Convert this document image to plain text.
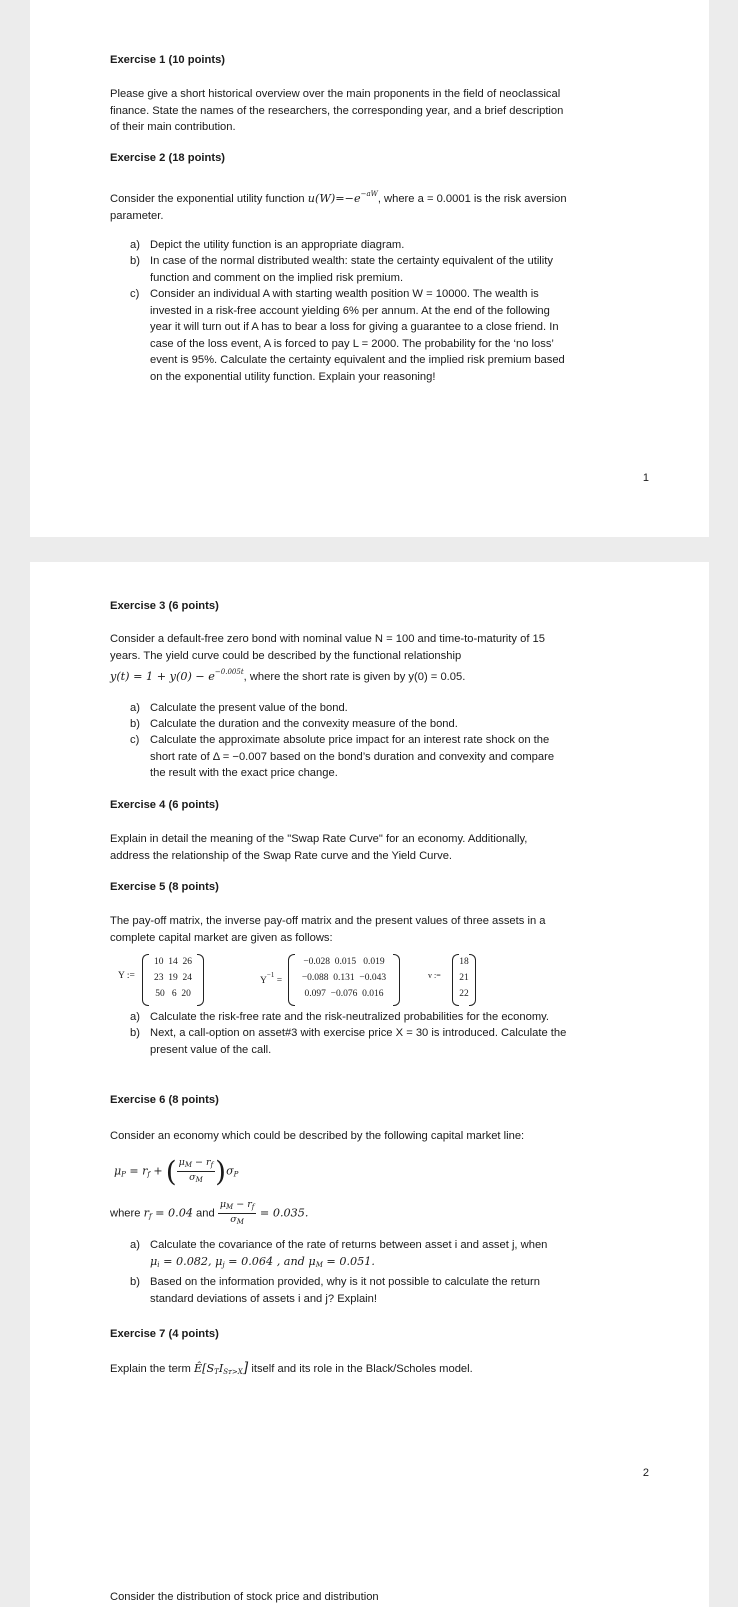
Exercise 1 (10 points)
Please give a short historical overview over the main proponents in the field of neoclassical
finance. State the names of the researchers, the corresponding year, and a brief description
of their main contribution.
Exercise 2 (18 points)
Consider the exponential utility function $u(W)=-e^{-aW}$, where a = 0.0001 is the risk aversion
parameter.
a) Depict the utility function is an appropriate diagram.
b) In case of the normal distributed wealth: state the certainty equivalent of the utility
function and comment on the implied risk premium.
c) Consider an individual A with starting wealth position W = 10000. The wealth is
invested in a risk-free account yielding 6% per annum. At the end of the following
year it will turn out if A has to bear a loss for giving a guarantee to a close friend. In
case of the loss event, A is forced to pay L = 2000. The probability for the ‘no loss’
event is 95%. Calculate the certainty equivalent and the implied risk premium based
on the exponential utility function. Explain your reasoning!
1
Exercise 3 (6 points)
Consider a default-free zero bond with nominal value N = 100 and time-to-maturity of 15
years. The yield curve could be described by the functional relationship
$y(t) = 1 + y(0) - e^{-0.005t}$, where the short rate is given by y(0) = 0.05.
a) Calculate the present value of the bond.
b) Calculate the duration and the convexity measure of the bond.
c) Calculate the approximate absolute price impact for an interest rate shock on the
short rate of Δ = −0.007 based on the bond’s duration and convexity and compare
the result with the exact price change.
Exercise 4 (6 points)
Explain in detail the meaning of the "Swap Rate Curve" for an economy. Additionally,
address the relationship of the Swap Rate curve and the Yield Curve.
Exercise 5 (8 points)
The pay-off matrix, the inverse pay-off matrix and the present values of three assets in a
complete capital market are given as follows:
Y :=
10  14  26
23  19  24
50   6  20
$Y^{-1}$ =
−0.028  0.015   0.019
−0.088  0.131  −0.043
0.097  −0.076  0.016
v :=
18
21
22
a) Calculate the risk-free rate and the risk-neutralized probabilities for the economy.
b) Next, a call-option on asset#3 with exercise price X = 30 is introduced. Calculate the
present value of the call.
Exercise 6 (8 points)
Consider an economy which could be described by the following capital market line:
$\mu_P = r_f$ + ( $\frac{\mu_M - r_f}{\sigma_M} )\sigma_P$
where $r_f = 0.04$ and $\frac{\mu_M - r_f}{\sigma_M} = 0.035$.
a) Calculate the covariance of the rate of returns between asset i and asset j, when
$\mu_i = 0.082$, $\mu_j = 0.064$ , and $\mu_M = 0.051$.
b) Based on the information provided, why is it not possible to calculate the return
standard deviations of assets i and j? Explain!
Exercise 7 (4 points)
Explain the term $Ê[S_TI_{Sᴛ>X}]$ itself and its role in the Black/Scholes model.
2
Consider the distribution of stock price and distribution
